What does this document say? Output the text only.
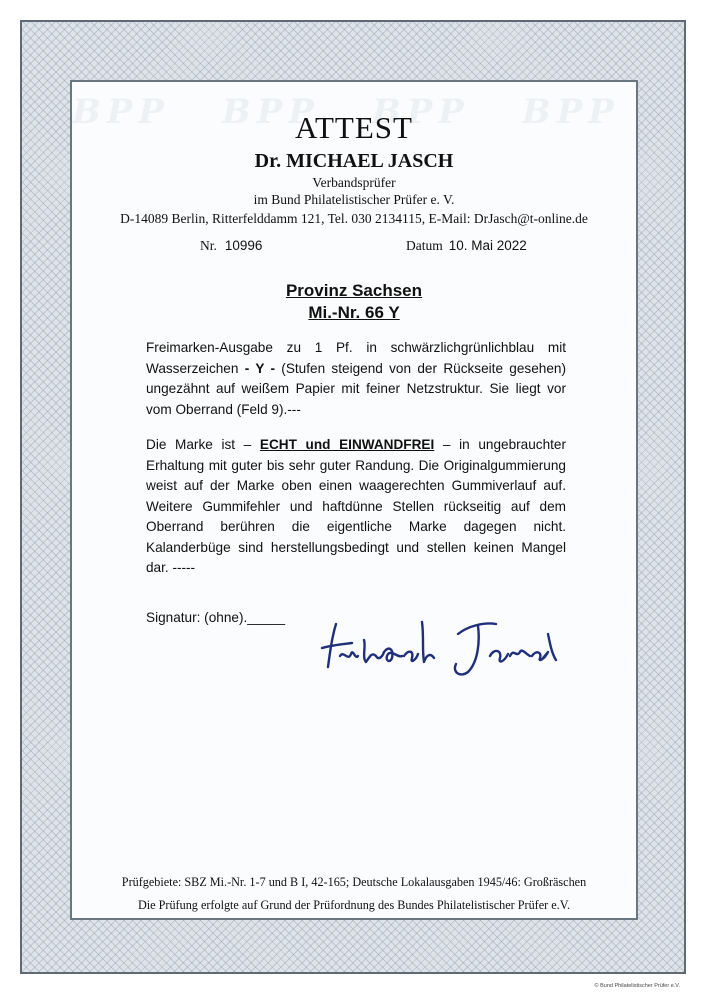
BPP BPP BPP BPP
ATTEST
Dr. MICHAEL JASCH
Verbandsprüfer
im Bund Philatelistischer Prüfer e. V.
D-14089 Berlin, Ritterfelddamm 121, Tel. 030 2134115, E-Mail: DrJasch@t-online.de
Nr. 10996	Datum 10. Mai 2022
Provinz Sachsen
Mi.-Nr. 66 Y
Freimarken-Ausgabe zu 1 Pf. in schwärzlichgrünlichblau mit Wasserzeichen - Y - (Stufen steigend von der Rückseite gesehen) ungezähnt auf weißem Papier mit feiner Netzstruktur. Sie liegt vor vom Oberrand (Feld 9).---
Die Marke ist – ECHT und EINWANDFREI – in ungebrauchter Erhaltung mit guter bis sehr guter Randung. Die Originalgummierung weist auf der Marke oben einen waagerechten Gummiverlauf auf. Weitere Gummifehler und haftdünne Stellen rückseitig auf dem Oberrand berühren die eigentliche Marke dagegen nicht. Kalanderbüge sind herstellungsbedingt und stellen keinen Mangel dar. -----
Signatur: (ohne)._____
Prüfgebiete: SBZ Mi.-Nr. 1-7 und B I, 42-165; Deutsche Lokalausgaben 1945/46: Großräschen
Die Prüfung erfolgte auf Grund der Prüfordnung des Bundes Philatelistischer Prüfer e.V.
© Bund Philatelistischer Prüfer e.V.
